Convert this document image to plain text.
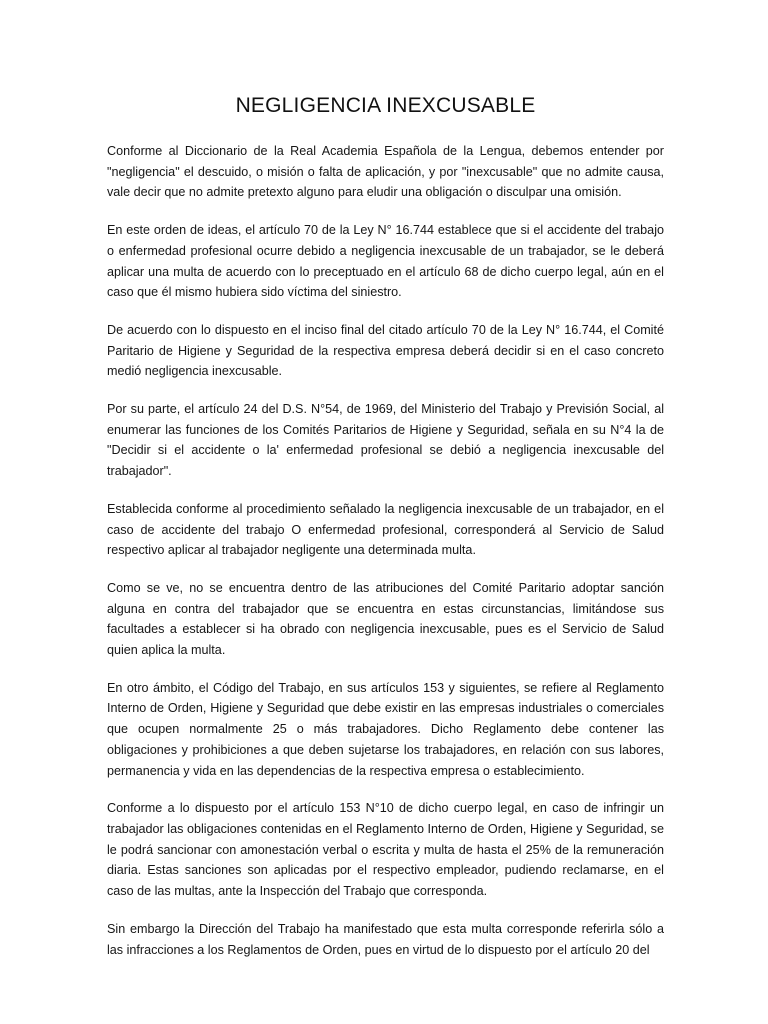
NEGLIGENCIA INEXCUSABLE

Conforme al Diccionario de la Real Academia Española de la Lengua, debemos entender por "negligencia" el descuido, o misión o falta de aplicación, y por "inexcusable" que no admite causa, vale decir que no admite pretexto alguno para eludir una obligación o disculpar una omisión.

En este orden de ideas, el artículo 70 de la Ley N° 16.744 establece que si el accidente del trabajo o enfermedad profesional ocurre debido a negligencia inexcusable de un trabajador, se le deberá aplicar una multa de acuerdo con lo preceptuado en el artículo 68 de dicho cuerpo legal, aún en el caso que él mismo hubiera sido víctima del siniestro.

De acuerdo con lo dispuesto en el inciso final del citado artículo 70 de la Ley N° 16.744, el Comité Paritario de Higiene y Seguridad de la respectiva empresa deberá decidir si en el caso concreto medió negligencia inexcusable.

Por su parte, el artículo 24 del D.S. N°54, de 1969, del Ministerio del Trabajo y Previsión Social, al enumerar las funciones de los Comités Paritarios de Higiene y Seguridad, señala en su N°4 la de "Decidir si el accidente o la' enfermedad profesional se debió a negligencia inexcusable del trabajador".

Establecida conforme al procedimiento señalado la negligencia inexcusable de un trabajador, en el caso de accidente del trabajo O enfermedad profesional, corresponderá al Servicio de Salud respectivo aplicar al trabajador negligente una determinada multa.

Como se ve, no se encuentra dentro de las atribuciones del Comité Paritario adoptar sanción alguna en contra del trabajador que se encuentra en estas circunstancias, limitándose sus facultades a establecer si ha obrado con negligencia inexcusable, pues es el Servicio de Salud quien aplica la multa.

En otro ámbito, el Código del Trabajo, en sus artículos 153 y siguientes, se refiere al Reglamento Interno de Orden, Higiene y Seguridad que debe existir en las empresas industriales o comerciales que ocupen normalmente 25 o más trabajadores. Dicho Reglamento debe contener las obligaciones y prohibiciones a que deben sujetarse los trabajadores, en relación con sus labores, permanencia y vida en las dependencias de la respectiva empresa o establecimiento.

Conforme a lo dispuesto por el artículo 153 N°10 de dicho cuerpo legal, en caso de infringir un trabajador las obligaciones contenidas en el Reglamento Interno de Orden, Higiene y Seguridad, se le podrá sancionar con amonestación verbal o escrita y multa de hasta el 25% de la remuneración diaria. Estas sanciones son aplicadas por el respectivo empleador, pudiendo reclamarse, en el caso de las multas, ante la Inspección del Trabajo que corresponda.

Sin embargo la Dirección del Trabajo ha manifestado que esta multa corresponde referirla sólo a las infracciones a los Reglamentos de Orden, pues en virtud de lo dispuesto por el artículo 20 del
